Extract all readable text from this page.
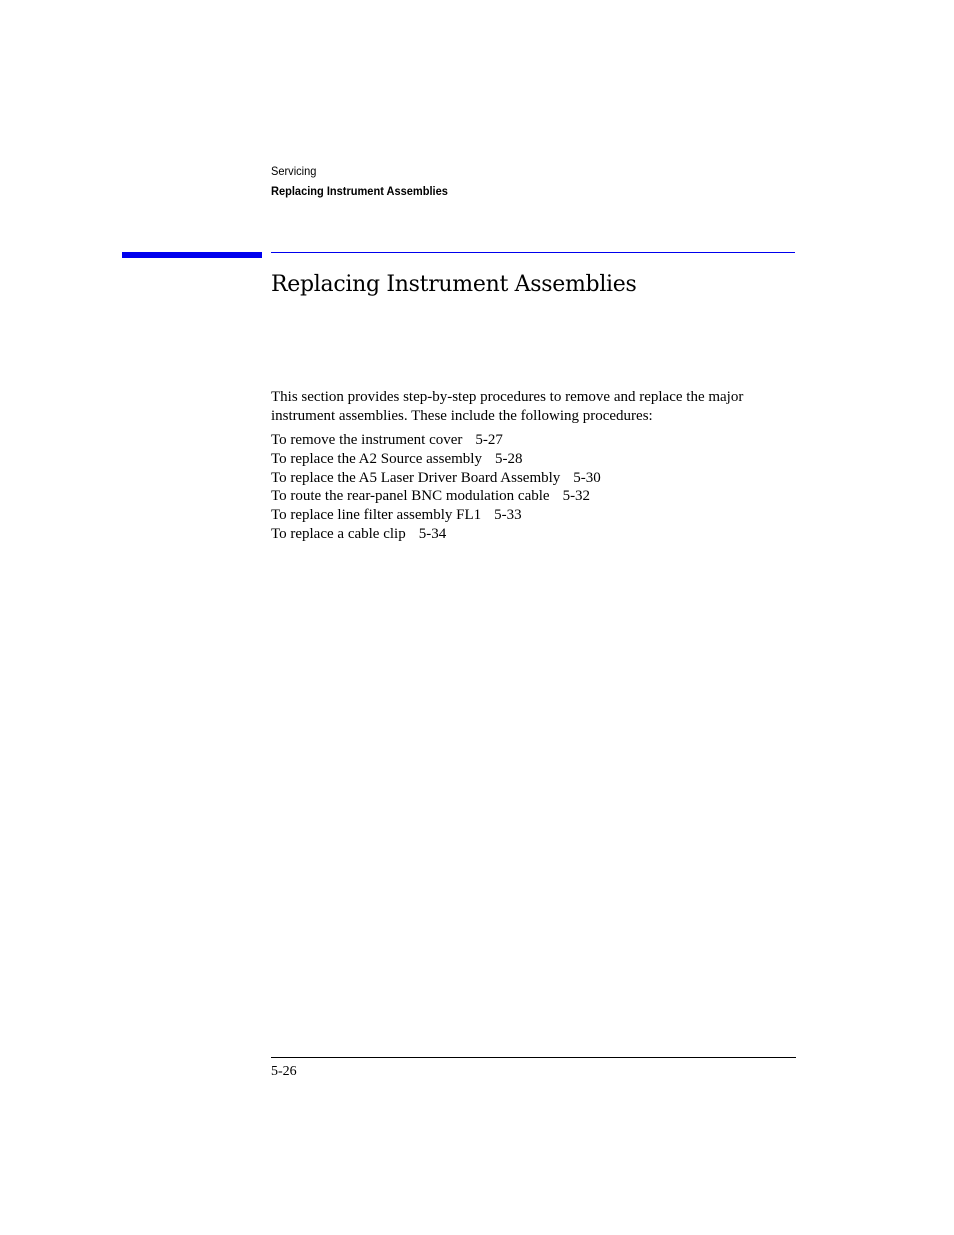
Servicing
Replacing Instrument Assemblies
Replacing Instrument Assemblies

This section provides step-by-step procedures to remove and replace the major instrument assemblies. These include the following procedures:

To remove the instrument cover 5-27
To replace the A2 Source assembly 5-28
To replace the A5 Laser Driver Board Assembly 5-30
To route the rear-panel BNC modulation cable 5-32
To replace line filter assembly FL1 5-33
To replace a cable clip 5-34
5-26
